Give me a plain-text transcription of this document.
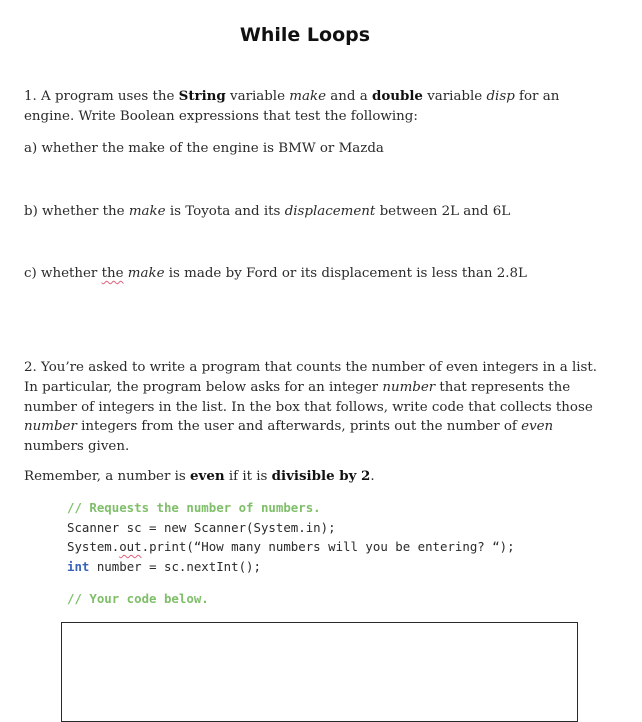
While Loops

1. A program uses the String variable make and a double variable disp for an engine. Write Boolean expressions that test the following:

a) whether the make of the engine is BMW or Mazda

b) whether the make is Toyota and its displacement between 2L and 6L

c) whether the make is made by Ford or its displacement is less than 2.8L

2. You’re asked to write a program that counts the number of even integers in a list. In particular, the program below asks for an integer number that represents the number of integers in the list. In the box that follows, write code that collects those number integers from the user and afterwards, prints out the number of even numbers given.

Remember, a number is even if it is divisible by 2.

// Requests the number of numbers.
Scanner sc = new Scanner(System.in);
System.out.print(“How many numbers will you be entering? “);
int number = sc.nextInt();
// Your code below.
